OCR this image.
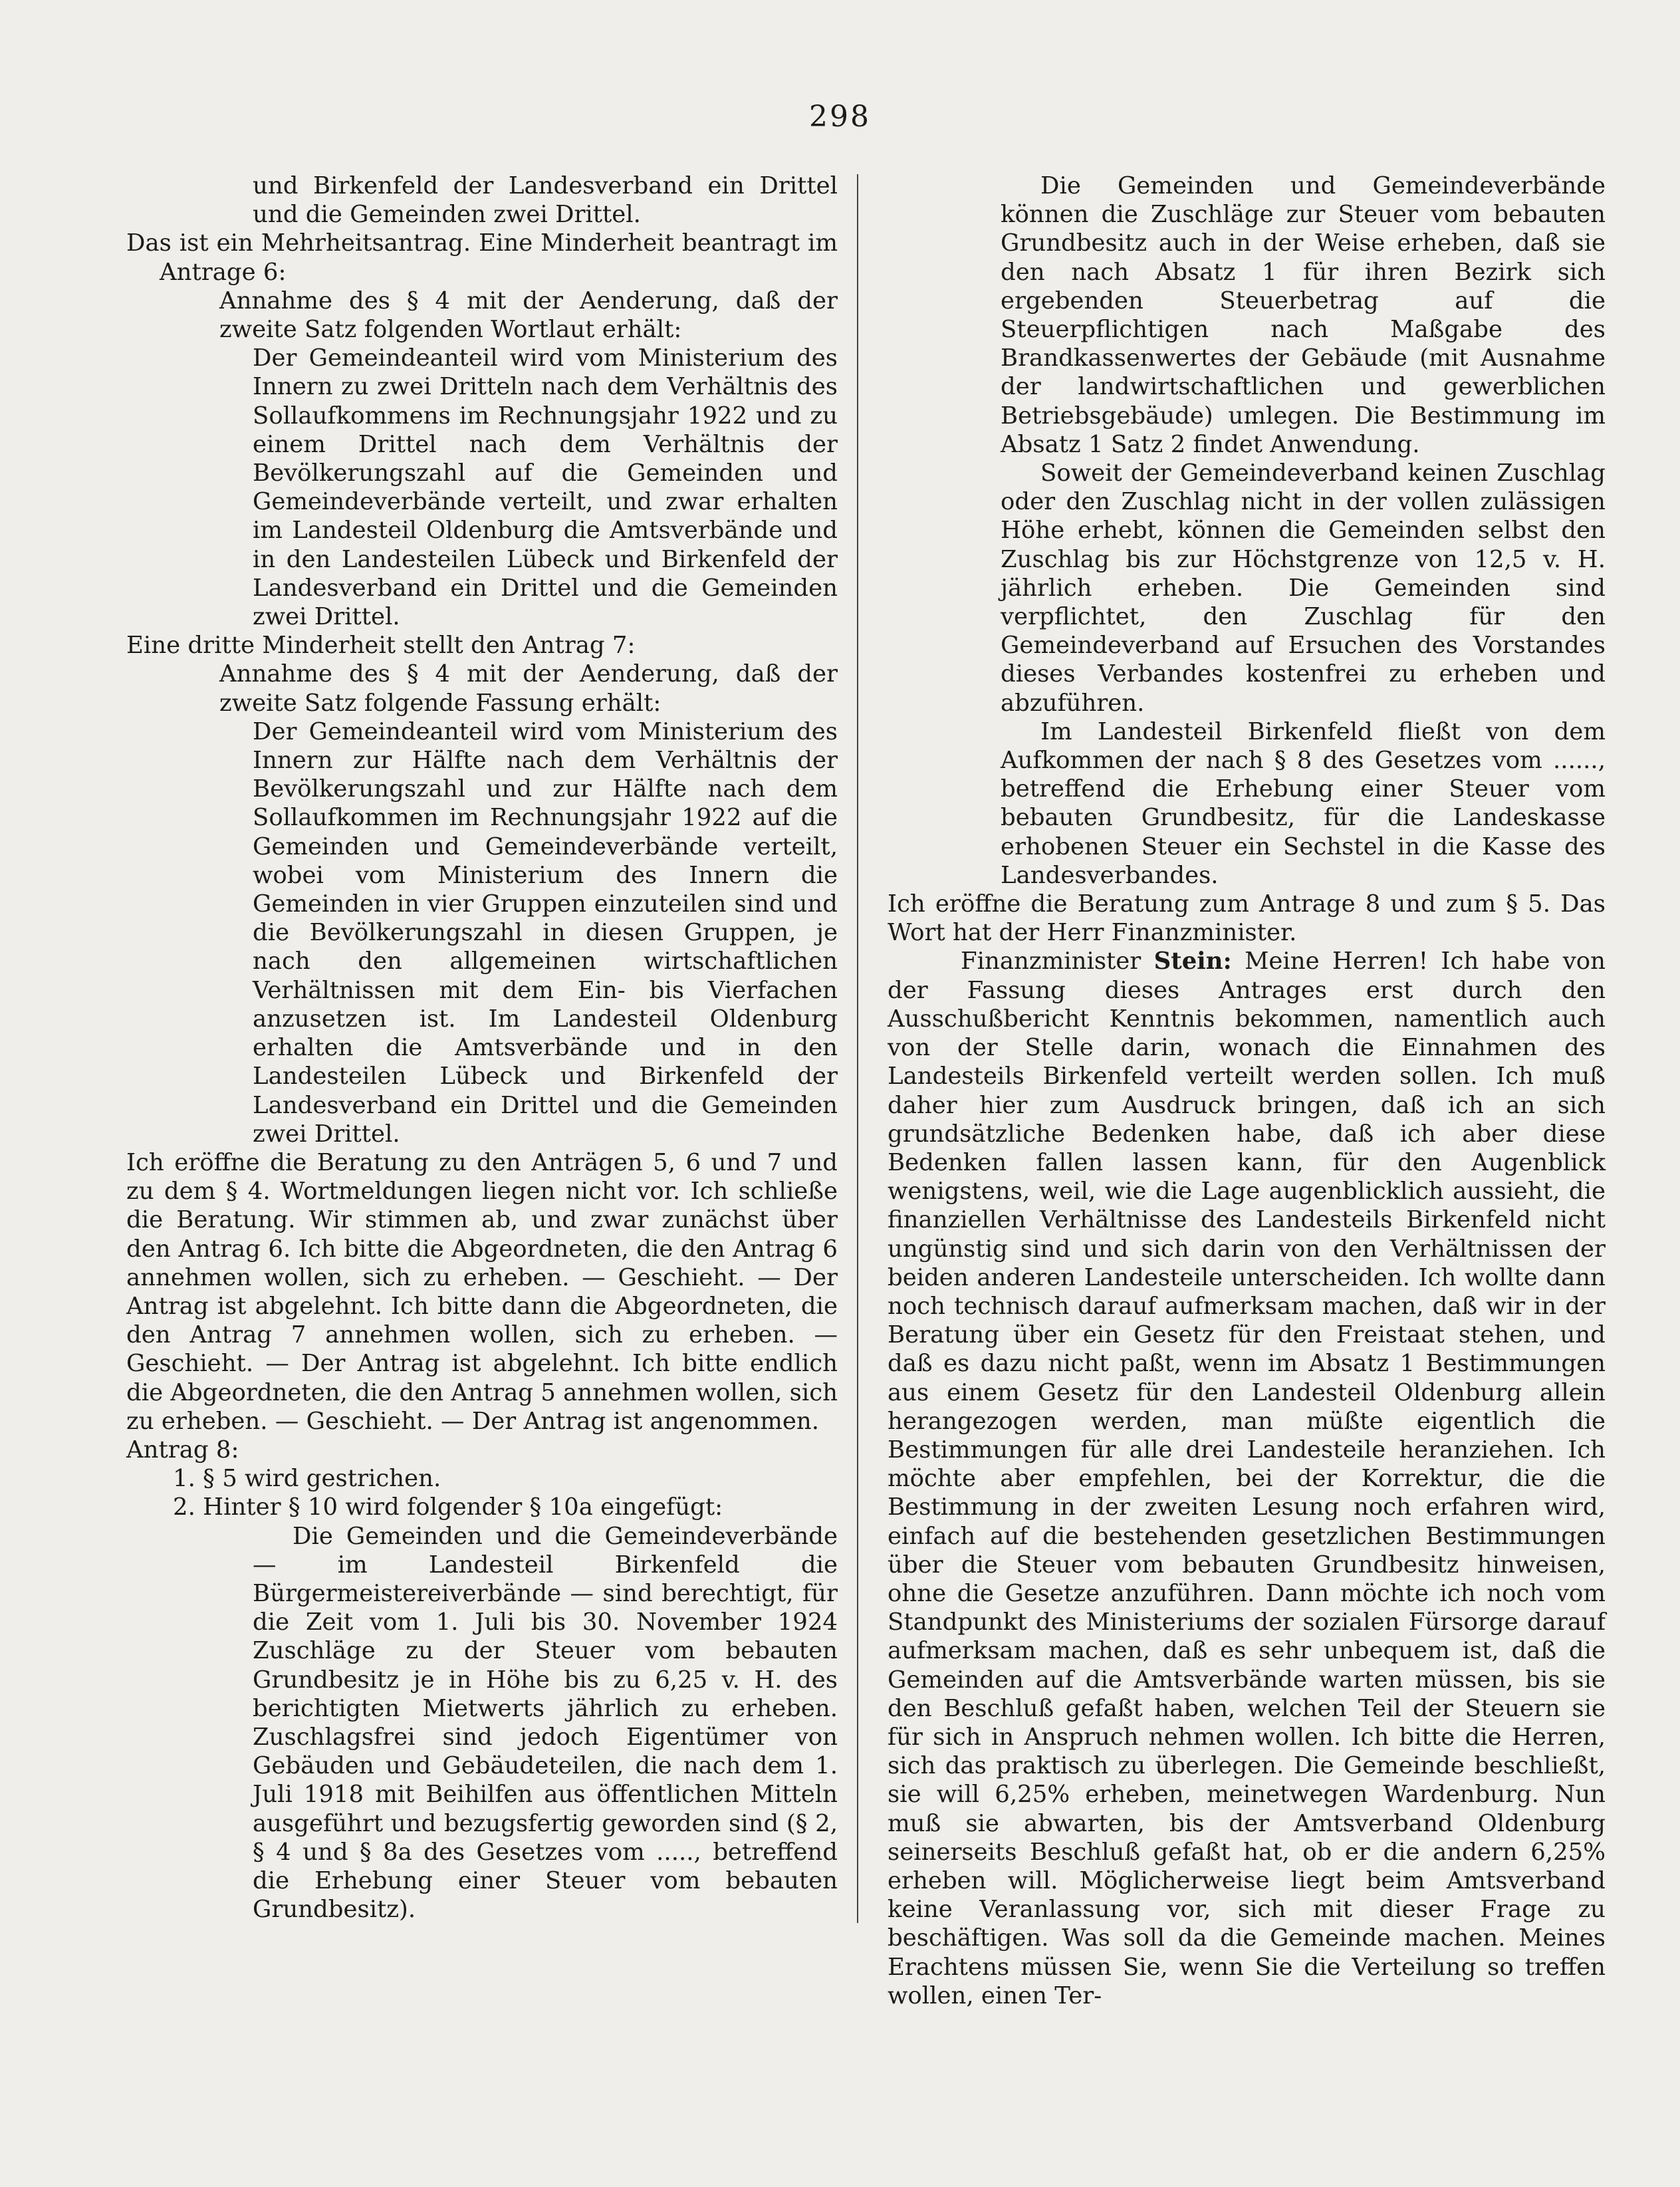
298

und Birkenfeld der Landesverband ein Drittel und die Gemeinden zwei Drittel.

Das ist ein Mehrheitsantrag. Eine Minderheit beantragt im Antrage 6:

Annahme des § 4 mit der Aenderung, daß der zweite Satz folgenden Wortlaut erhält:

Der Gemeindeanteil wird vom Ministerium des Innern zu zwei Dritteln nach dem Verhältnis des Sollaufkommens im Rechnungsjahr 1922 und zu einem Drittel nach dem Verhältnis der Bevölkerungszahl auf die Gemeinden und Gemeindeverbände verteilt, und zwar erhalten im Landesteil Oldenburg die Amtsverbände und in den Landesteilen Lübeck und Birkenfeld der Landesverband ein Drittel und die Gemeinden zwei Drittel.

Eine dritte Minderheit stellt den Antrag 7:

Annahme des § 4 mit der Aenderung, daß der zweite Satz folgende Fassung erhält:

Der Gemeindeanteil wird vom Ministerium des Innern zur Hälfte nach dem Verhältnis der Bevölkerungszahl und zur Hälfte nach dem Sollaufkommen im Rechnungsjahr 1922 auf die Gemeinden und Gemeindeverbände verteilt, wobei vom Ministerium des Innern die Gemeinden in vier Gruppen einzuteilen sind und die Bevölkerungszahl in diesen Gruppen, je nach den allgemeinen wirtschaftlichen Verhältnissen mit dem Ein- bis Vierfachen anzusetzen ist. Im Landesteil Oldenburg erhalten die Amtsverbände und in den Landesteilen Lübeck und Birkenfeld der Landesverband ein Drittel und die Gemeinden zwei Drittel.

Ich eröffne die Beratung zu den Anträgen 5, 6 und 7 und zu dem § 4. Wortmeldungen liegen nicht vor. Ich schließe die Beratung. Wir stimmen ab, und zwar zunächst über den Antrag 6. Ich bitte die Abgeordneten, die den Antrag 6 annehmen wollen, sich zu erheben. — Geschieht. — Der Antrag ist abgelehnt. Ich bitte dann die Abgeordneten, die den Antrag 7 annehmen wollen, sich zu erheben. — Geschieht. — Der Antrag ist abgelehnt. Ich bitte endlich die Abgeordneten, die den Antrag 5 annehmen wollen, sich zu erheben. — Geschieht. — Der Antrag ist angenommen.

Antrag 8:

1. § 5 wird gestrichen.

2. Hinter § 10 wird folgender § 10a eingefügt:

Die Gemeinden und die Gemeindeverbände — im Landesteil Birkenfeld die Bürgermeistereiverbände — sind berechtigt, für die Zeit vom 1. Juli bis 30. November 1924 Zuschläge zu der Steuer vom bebauten Grundbesitz je in Höhe bis zu 6,25 v. H. des berichtigten Mietwerts jährlich zu erheben. Zuschlagsfrei sind jedoch Eigentümer von Gebäuden und Gebäudeteilen, die nach dem 1. Juli 1918 mit Beihilfen aus öffentlichen Mitteln ausgeführt und bezugsfertig geworden sind (§ 2, § 4 und § 8a des Gesetzes vom ....., betreffend die Erhebung einer Steuer vom bebauten Grundbesitz).

Die Gemeinden und Gemeindeverbände können die Zuschläge zur Steuer vom bebauten Grundbesitz auch in der Weise erheben, daß sie den nach Absatz 1 für ihren Bezirk sich ergebenden Steuerbetrag auf die Steuerpflichtigen nach Maßgabe des Brandkassenwertes der Gebäude (mit Ausnahme der landwirtschaftlichen und gewerblichen Betriebsgebäude) umlegen. Die Bestimmung im Absatz 1 Satz 2 findet Anwendung.

Soweit der Gemeindeverband keinen Zuschlag oder den Zuschlag nicht in der vollen zulässigen Höhe erhebt, können die Gemeinden selbst den Zuschlag bis zur Höchstgrenze von 12,5 v. H. jährlich erheben. Die Gemeinden sind verpflichtet, den Zuschlag für den Gemeindeverband auf Ersuchen des Vorstandes dieses Verbandes kostenfrei zu erheben und abzuführen.

Im Landesteil Birkenfeld fließt von dem Aufkommen der nach § 8 des Gesetzes vom ......, betreffend die Erhebung einer Steuer vom bebauten Grundbesitz, für die Landeskasse erhobenen Steuer ein Sechstel in die Kasse des Landesverbandes.

Ich eröffne die Beratung zum Antrage 8 und zum § 5. Das Wort hat der Herr Finanzminister.

Finanzminister Stein: Meine Herren! Ich habe von der Fassung dieses Antrages erst durch den Ausschußbericht Kenntnis bekommen, namentlich auch von der Stelle darin, wonach die Einnahmen des Landesteils Birkenfeld verteilt werden sollen. Ich muß daher hier zum Ausdruck bringen, daß ich an sich grundsätzliche Bedenken habe, daß ich aber diese Bedenken fallen lassen kann, für den Augenblick wenigstens, weil, wie die Lage augenblicklich aussieht, die finanziellen Verhältnisse des Landesteils Birkenfeld nicht ungünstig sind und sich darin von den Verhältnissen der beiden anderen Landesteile unterscheiden. Ich wollte dann noch technisch darauf aufmerksam machen, daß wir in der Beratung über ein Gesetz für den Freistaat stehen, und daß es dazu nicht paßt, wenn im Absatz 1 Bestimmungen aus einem Gesetz für den Landesteil Oldenburg allein herangezogen werden, man müßte eigentlich die Bestimmungen für alle drei Landesteile heranziehen. Ich möchte aber empfehlen, bei der Korrektur, die die Bestimmung in der zweiten Lesung noch erfahren wird, einfach auf die bestehenden gesetzlichen Bestimmungen über die Steuer vom bebauten Grundbesitz hinweisen, ohne die Gesetze anzuführen. Dann möchte ich noch vom Standpunkt des Ministeriums der sozialen Fürsorge darauf aufmerksam machen, daß es sehr unbequem ist, daß die Gemeinden auf die Amtsverbände warten müssen, bis sie den Beschluß gefaßt haben, welchen Teil der Steuern sie für sich in Anspruch nehmen wollen. Ich bitte die Herren, sich das praktisch zu überlegen. Die Gemeinde beschließt, sie will 6,25% erheben, meinetwegen Wardenburg. Nun muß sie abwarten, bis der Amtsverband Oldenburg seinerseits Beschluß gefaßt hat, ob er die andern 6,25% erheben will. Möglicherweise liegt beim Amtsverband keine Veranlassung vor, sich mit dieser Frage zu beschäftigen. Was soll da die Gemeinde machen. Meines Erachtens müssen Sie, wenn Sie die Verteilung so treffen wollen, einen Ter-
